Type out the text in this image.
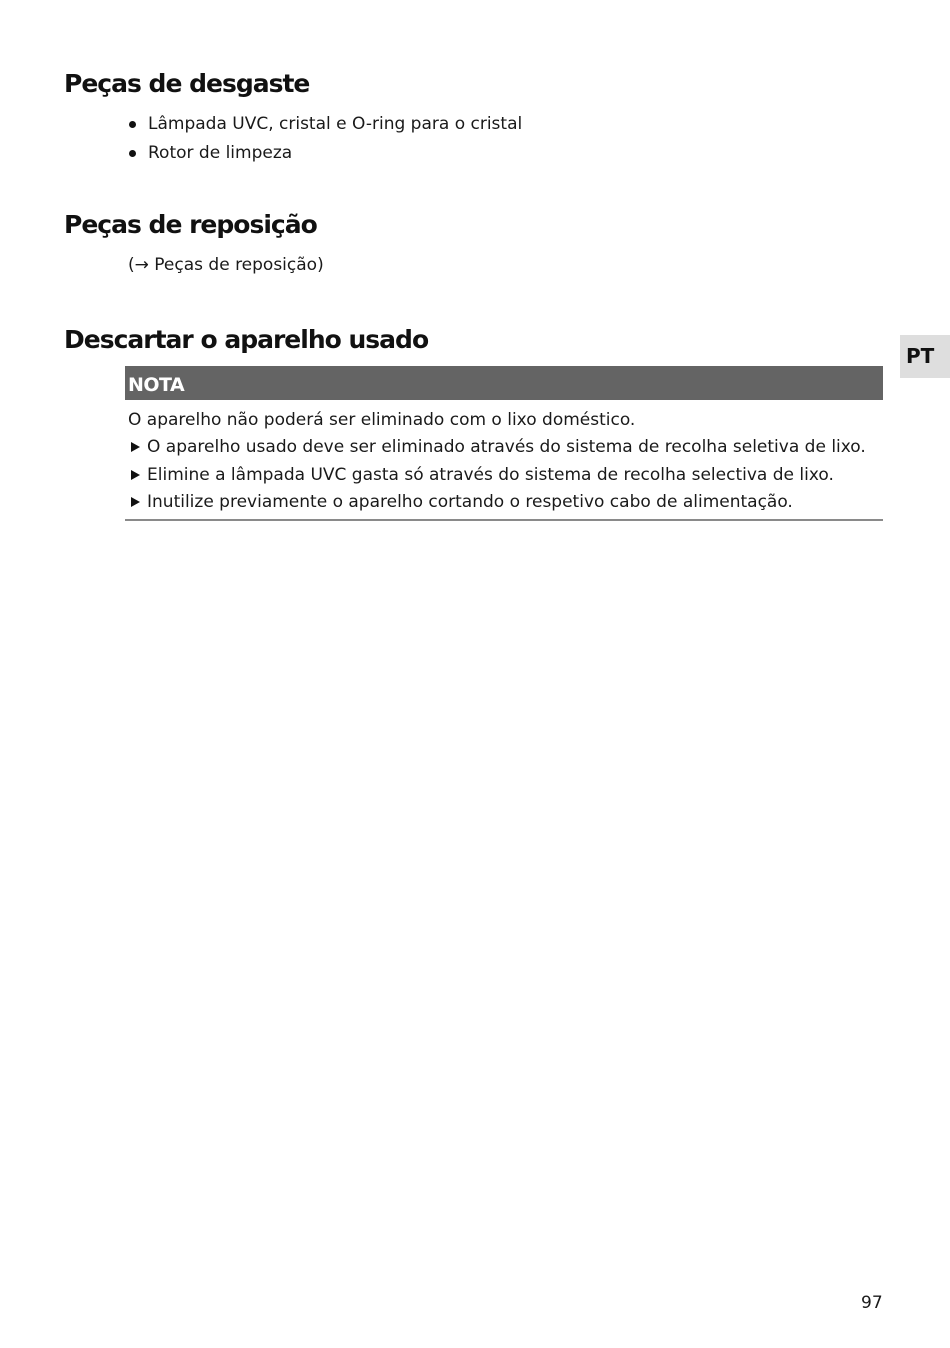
Peças de desgaste
Lâmpada UVC, cristal e O-ring para o cristal
Rotor de limpeza
Peças de reposição
(→ Peças de reposição)
Descartar o aparelho usado
PT
NOTA
O aparelho não poderá ser eliminado com o lixo doméstico.
O aparelho usado deve ser eliminado através do sistema de recolha seletiva de lixo.
Elimine a lâmpada UVC gasta só através do sistema de recolha selectiva de lixo.
Inutilize previamente o aparelho cortando o respetivo cabo de alimentação.
97
